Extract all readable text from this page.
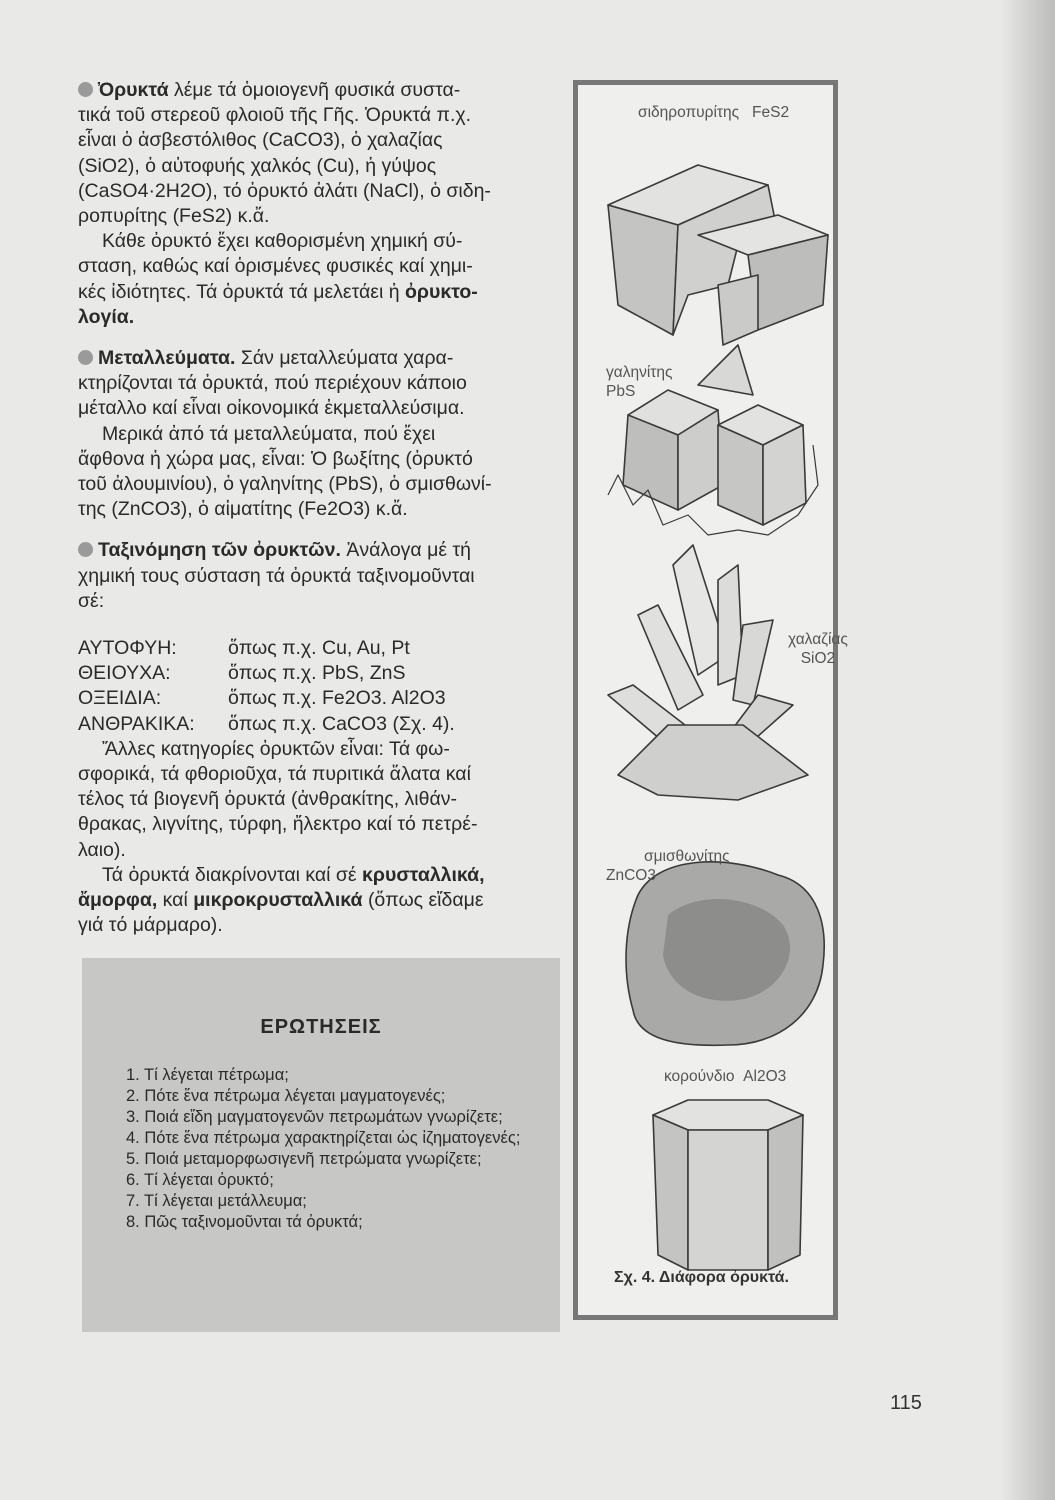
Ὀρυκτά λέμε τά ὁμοιογενῆ φυσικά συστα-
τικά τοῦ στερεοῦ φλοιοῦ τῆς Γῆς. Ὀρυκτά π.χ.
εἶναι ὁ ἀσβεστόλιθος (CaCO3), ὁ χαλαζίας
(SiO2), ὁ αὐτοφυής χαλκός (Cu), ἡ γύψος
(CaSO4·2H2O), τό ὀρυκτό ἀλάτι (NaCl), ὁ σιδη-
ροπυρίτης (FeS2) κ.ἄ.

Κάθε ὀρυκτό ἔχει καθορισμένη χημική σύ-
σταση, καθώς καί ὁρισμένες φυσικές καί χημι-
κές ἰδιότητες. Τά ὀρυκτά τά μελετάει ἡ ὀρυκτο-
λογία.

Μεταλλεύματα. Σάν μεταλλεύματα χαρα-
κτηρίζονται τά ὀρυκτά, πού περιέχουν κάποιο
μέταλλο καί εἶναι οἰκονομικά ἐκμεταλλεύσιμα.

Μερικά ἀπό τά μεταλλεύματα, πού ἔχει
ἄφθονα ἡ χώρα μας, εἶναι: Ὁ βωξίτης (ὀρυκτό
τοῦ ἀλουμινίου), ὁ γαληνίτης (PbS), ὁ σμισθωνί-
της (ZnCO3), ὁ αἱματίτης (Fe2O3) κ.ἄ.

Ταξινόμηση τῶν ὀρυκτῶν. Ἀνάλογα μέ τή
χημική τους σύσταση τά ὀρυκτά ταξινομοῦνται
σέ:

ΑΥΤΟΦΥΗ:	ὅπως π.χ. Cu, Au, Pt
ΘΕΙΟΥΧΑ:	ὅπως π.χ. PbS, ZnS
ΟΞΕΙΔΙΑ:	ὅπως π.χ. Fe2O3. Al2O3
ΑΝΘΡΑΚΙΚΑ:	ὅπως π.χ. CaCO3 (Σχ. 4).

Ἄλλες κατηγορίες ὀρυκτῶν εἶναι: Τά φω-
σφορικά, τά φθοριοῦχα, τά πυριτικά ἅλατα καί
τέλος τά βιογενῆ ὀρυκτά (ἀνθρακίτης, λιθάν-
θρακας, λιγνίτης, τύρφη, ἤλεκτρο καί τό πετρέ-
λαιο).

Τά ὀρυκτά διακρίνονται καί σέ κρυσταλλικά,
ἄμορφα, καί μικροκρυσταλλικά (ὅπως εἴδαμε
γιά τό μάρμαρο).

ΕΡΩΤΗΣΕΙΣ

1. Τί λέγεται πέτρωμα;

2. Πότε ἕνα πέτρωμα λέγεται μαγματογενές;

3. Ποιά εἴδη μαγματογενῶν πετρωμάτων γνωρίζετε;

4. Πότε ἕνα πέτρωμα χαρακτηρίζεται ὡς ἰζηματογενές;

5. Ποιά μεταμορφωσιγενῆ πετρώματα γνωρίζετε;

6. Τί λέγεται ὀρυκτό;

7. Τί λέγεται μετάλλευμα;

8. Πῶς ταξινομοῦνται τά ὀρυκτά;

σιδηροπυρίτης FeS2
γαληνίτης
PbS
χαλαζίας
SiO2
σμισθωνίτης
ZnCO3
κορούνδιο Al2O3
Σχ. 4. Διάφορα ὀρυκτά.
115
